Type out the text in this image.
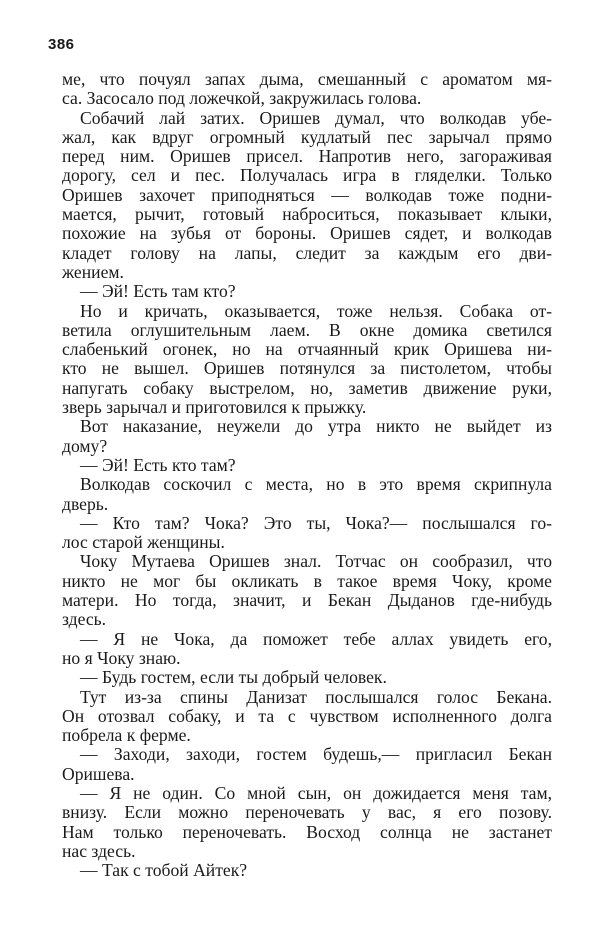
386
ме, что почуял запах дыма, смешанный с ароматом мя-
са. Засосало под ложечкой, закружилась голова.
Собачий лай затих. Оришев думал, что волкодав убе-
жал, как вдруг огромный кудлатый пес зарычал прямо
перед ним. Оришев присел. Напротив него, загораживая
дорогу, сел и пес. Получалась игра в гляделки. Только
Оришев захочет приподняться — волкодав тоже подни-
мается, рычит, готовый наброситься, показывает клыки,
похожие на зубья от бороны. Оришев сядет, и волкодав
кладет голову на лапы, следит за каждым его дви-
жением.
— Эй! Есть там кто?
Но и кричать, оказывается, тоже нельзя. Собака от-
ветила оглушительным лаем. В окне домика светился
слабенький огонек, но на отчаянный крик Оришева ни-
кто не вышел. Оришев потянулся за пистолетом, чтобы
напугать собаку выстрелом, но, заметив движение руки,
зверь зарычал и приготовился к прыжку.
Вот наказание, неужели до утра никто не выйдет из
дому?
— Эй! Есть кто там?
Волкодав соскочил с места, но в это время скрипнула
дверь.
— Кто там? Чока? Это ты, Чока?— послышался го-
лос старой женщины.
Чоку Мутаева Оришев знал. Тотчас он сообразил, что
никто не мог бы окликать в такое время Чоку, кроме
матери. Но тогда, значит, и Бекан Дыданов где-нибудь
здесь.
— Я не Чока, да поможет тебе аллах увидеть его,
но я Чоку знаю.
— Будь гостем, если ты добрый человек.
Тут из-за спины Данизат послышался голос Бекана.
Он отозвал собаку, и та с чувством исполненного долга
побрела к ферме.
— Заходи, заходи, гостем будешь,— пригласил Бекан
Оришева.
— Я не один. Со мной сын, он дожидается меня там,
внизу. Если можно переночевать у вас, я его позову.
Нам только переночевать. Восход солнца не застанет
нас здесь.
— Так с тобой Айтек?
